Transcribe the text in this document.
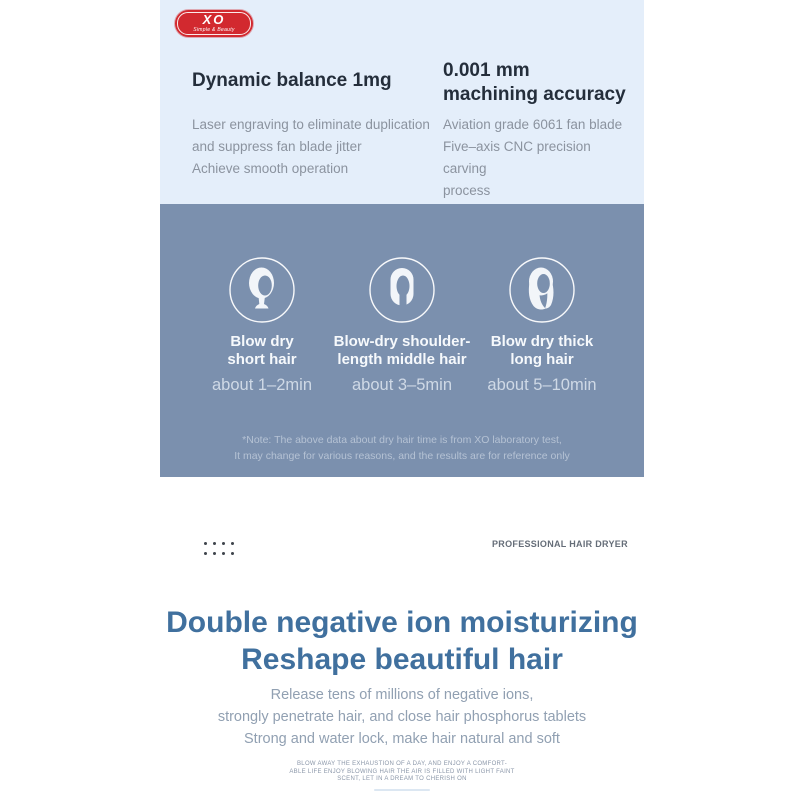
XO
Simple & Beauty
Dynamic balance 1mg
Laser engraving to eliminate duplication
and suppress fan blade jitter
Achieve smooth operation
0.001 mm
machining accuracy
Aviation grade 6061 fan blade
Five–axis CNC precision carving
process
Blow dry
short hair
about 1–2min
Blow-dry shoulder-
length middle hair
about 3–5min
Blow dry thick
long hair
about 5–10min
*Note: The above data about dry hair time is from XO laboratory test,
It may change for various reasons, and the results are for reference only
Double negative ion moisturizing
Reshape beautiful hair
Release tens of millions of negative ions,
strongly penetrate hair, and close hair phosphorus tablets
Strong and water lock, make hair natural and soft
BLOW AWAY THE EXHAUSTION OF A DAY, AND ENJOY A COMFORT-
ABLE LIFE ENJOY BLOWING HAIR THE AIR IS FILLED WITH LIGHT FAINT
SCENT, LET IN A DREAM TO CHERISH ON
PROFESSIONAL HAIR DRYER
